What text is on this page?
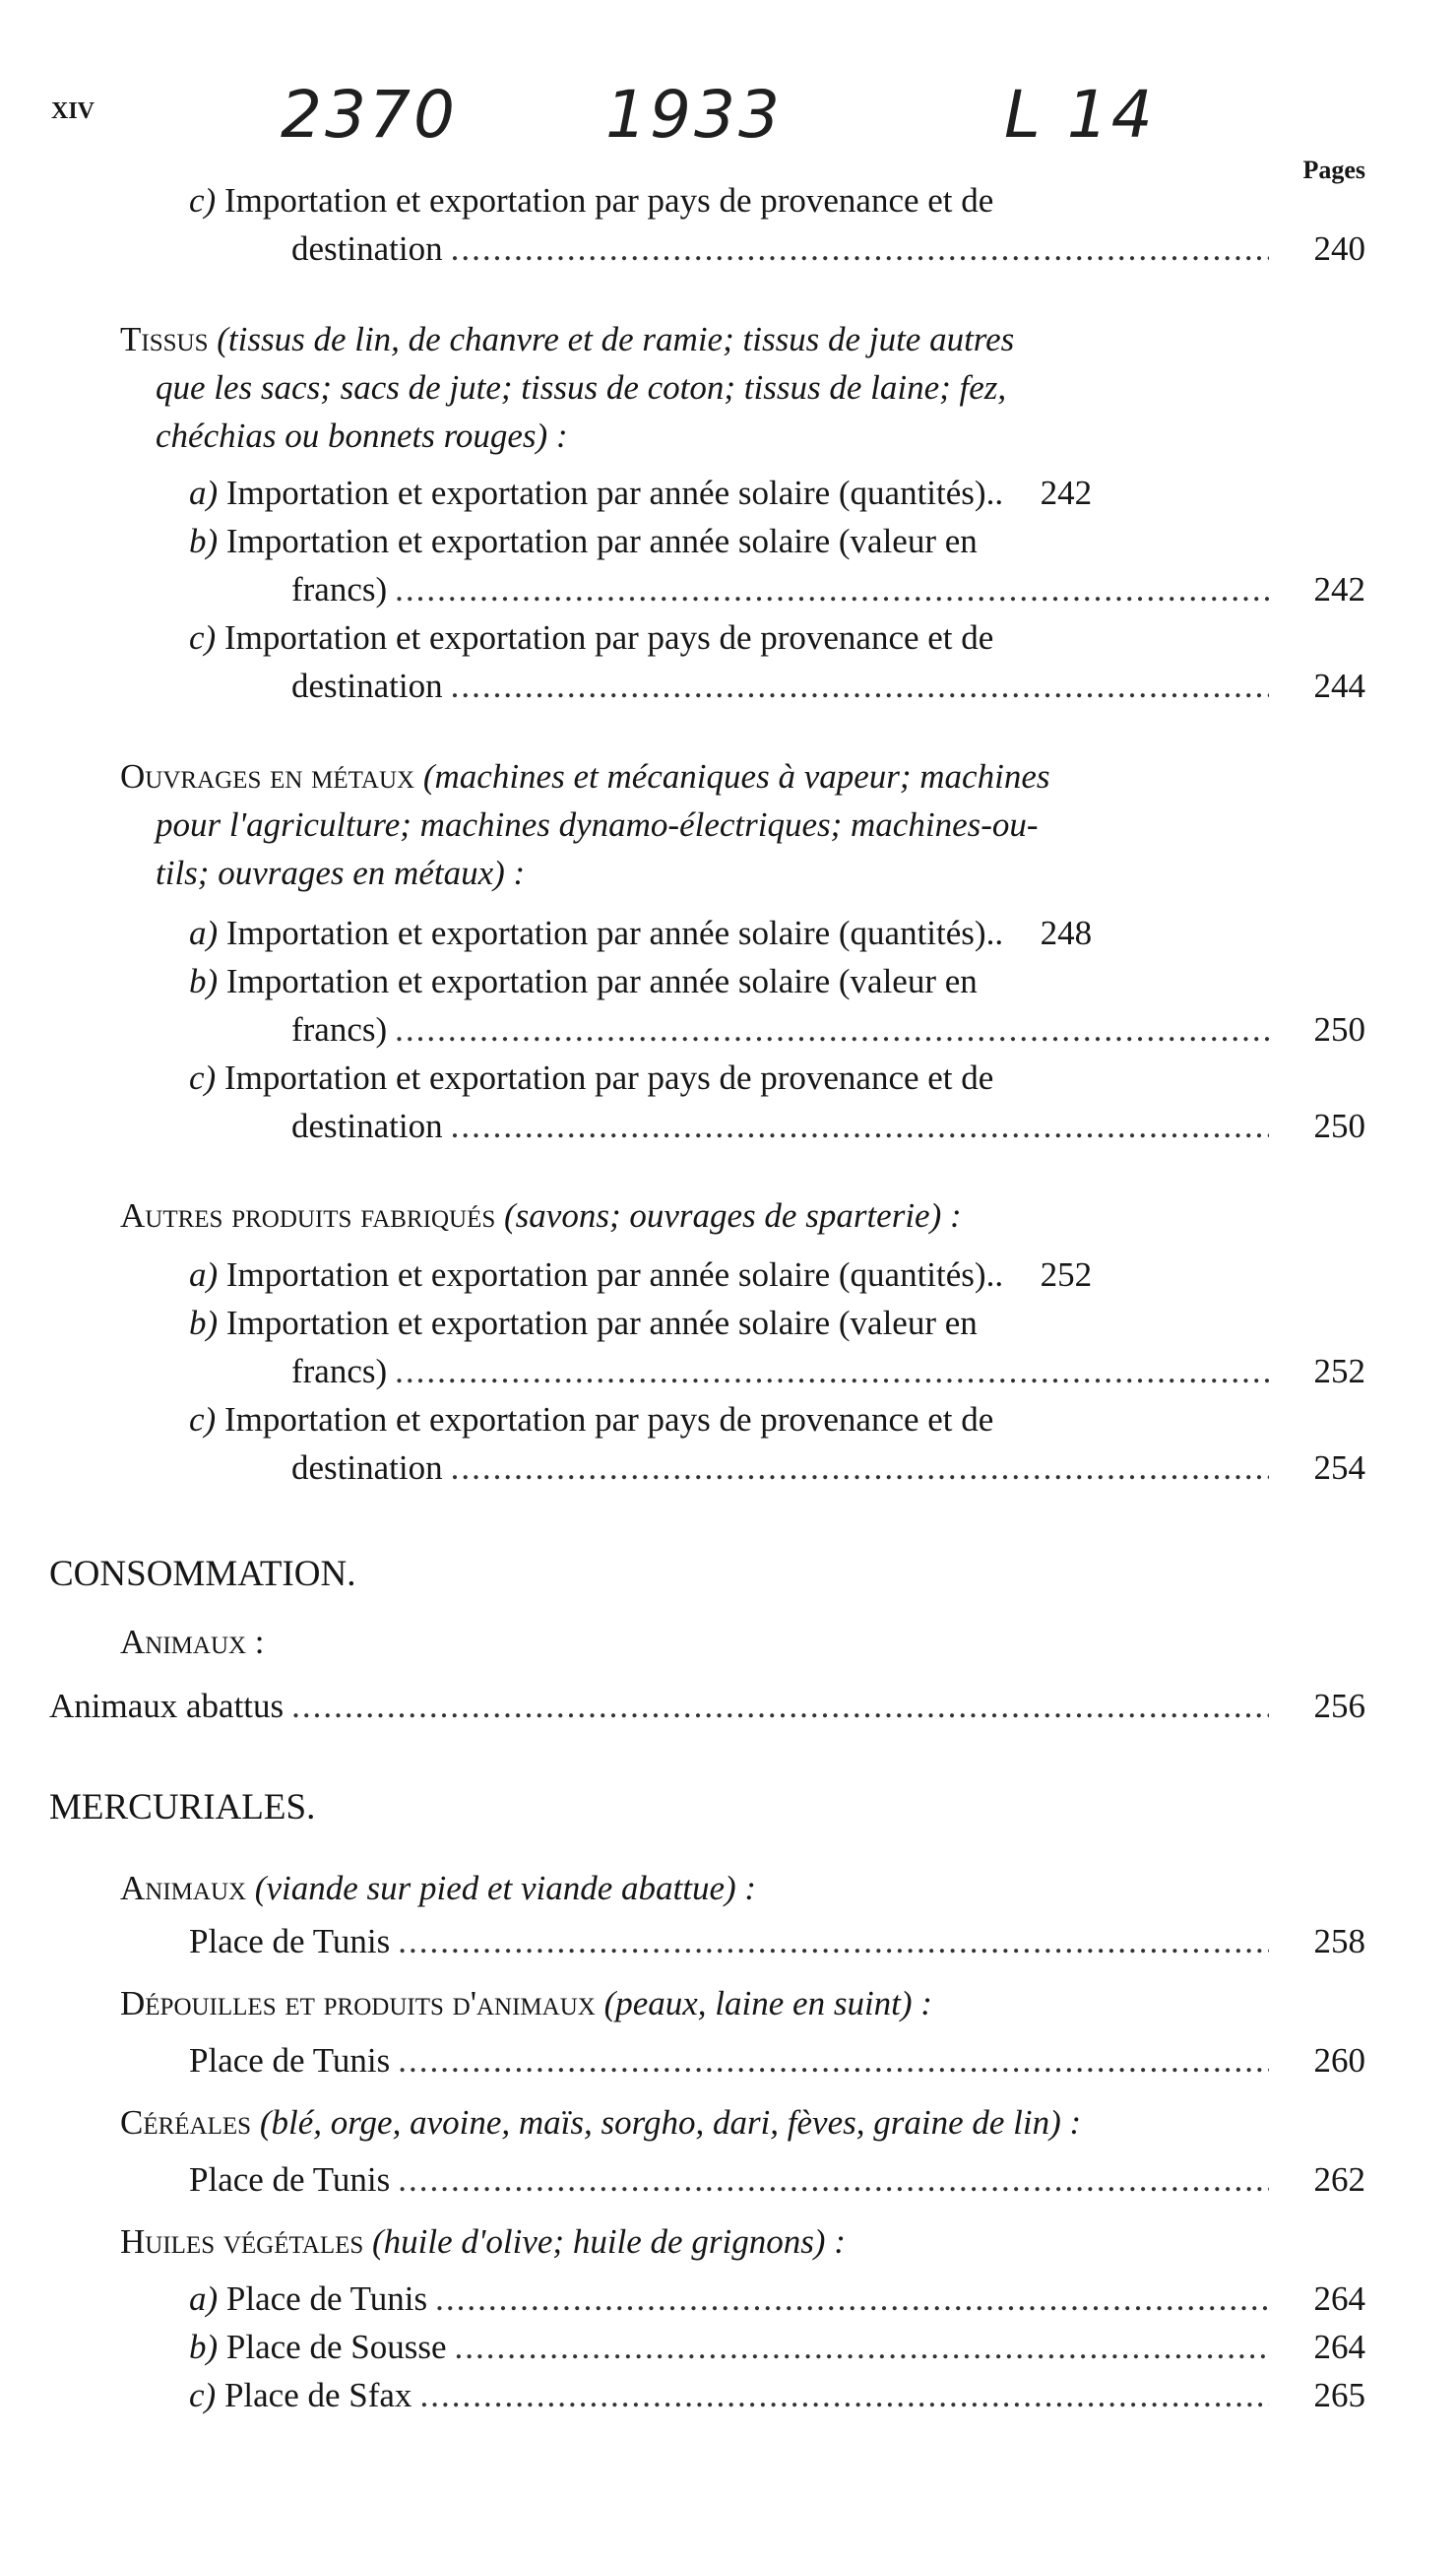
XIV	2370 1933	L 14
Pages
c) Importation et exportation par pays de provenance et de
destination .....	240
Tissus (tissus de lin, de chanvre et de ramie; tissus de jute autres
que les sacs; sacs de jute; tissus de coton; tissus de laine; fez,
chéchias ou bonnets rouges) :
a) Importation et exportation par année solaire (quantités).. 242
b) Importation et exportation par année solaire (valeur en
francs) .....	242
c) Importation et exportation par pays de provenance et de
destination .....	244
Ouvrages en métaux (machines et mécaniques à vapeur; machines
pour l'agriculture; machines dynamo-électriques; machines-ou-
tils; ouvrages en métaux) :
a) Importation et exportation par année solaire (quantités).. 248
b) Importation et exportation par année solaire (valeur en
francs) .....	250
c) Importation et exportation par pays de provenance et de
destination .....	250
Autres produits fabriqués (savons; ouvrages de sparterie) :
a) Importation et exportation par année solaire (quantités).. 252
b) Importation et exportation par année solaire (valeur en
francs) .....	252
c) Importation et exportation par pays de provenance et de
destination .....	254
CONSOMMATION.
Animaux :
Animaux abattus .....	256
MERCURIALES.
Animaux (viande sur pied et viande abattue) :
Place de Tunis .....	258
Dépouilles et produits d'animaux (peaux, laine en suint) :
Place de Tunis .....	260
Céréales (blé, orge, avoine, maïs, sorgho, dari, fèves, graine de lin) :
Place de Tunis .....	262
Huiles végétales (huile d'olive; huile de grignons) :
a) Place de Tunis .....	264
b) Place de Sousse .....	264
c) Place de Sfax .....	265
